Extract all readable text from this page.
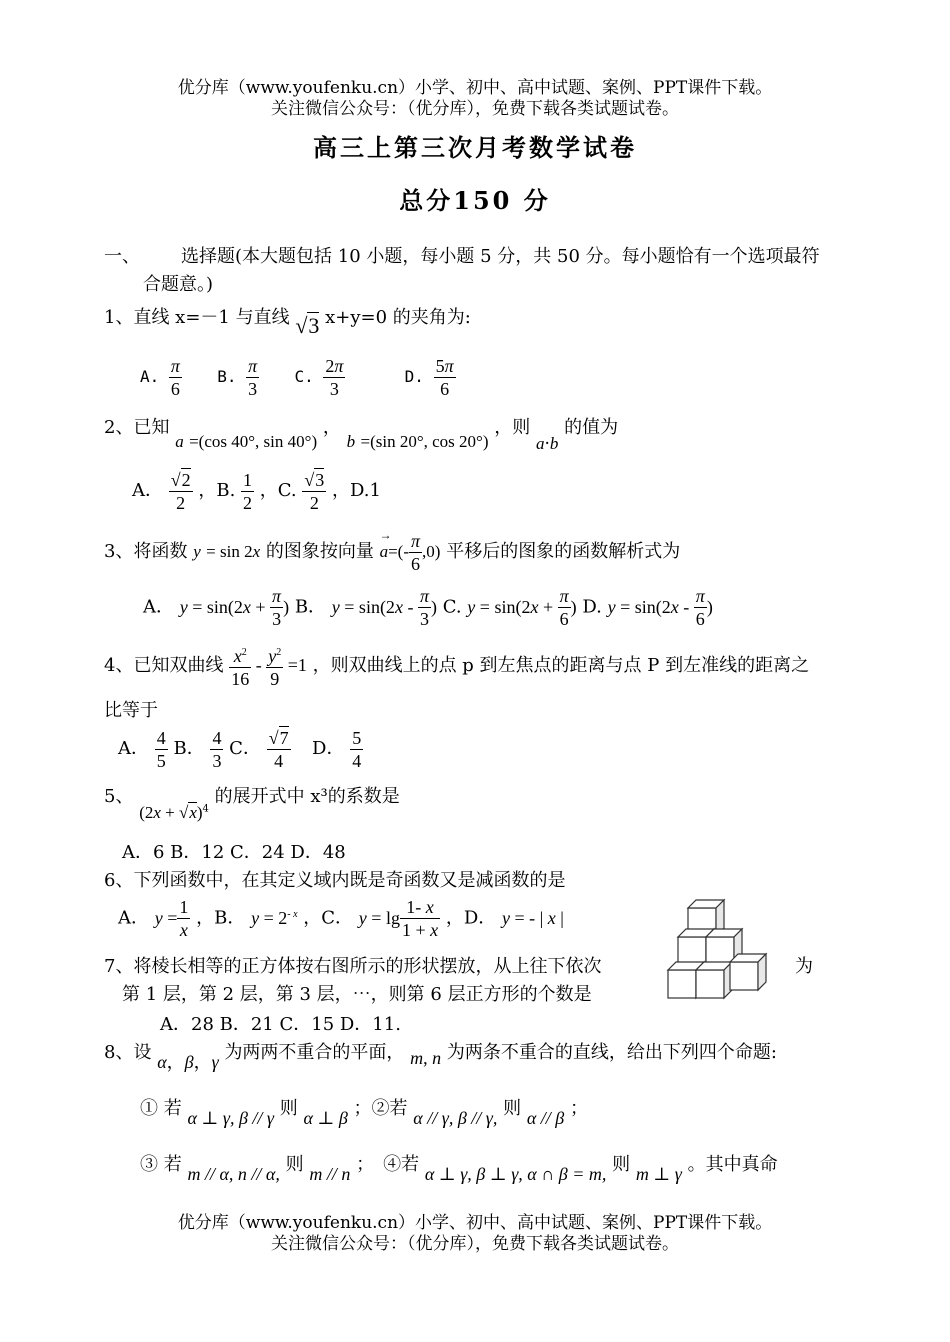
优分库（www.youfenku.cn）小学、初中、高中试题、案例、PPT课件下载。
关注微信公众号：（优分库），免费下载各类试题试卷。
高三上第三次月考数学试卷
总分150 分
一、 选择题(本大题包括 10 小题，每小题 5 分，共 50 分。每小题恰有一个选项最符
合题意。)
1、直线 x=－1 与直线 √3 x+y=0 的夹角为:
A. $\frac{\pi}{6} B$. $\frac{\pi}{3} C$. $\frac{2\pi}{3}$	D. $\frac{5\pi}{6}$
2、已知 a =(cos 40°, sin 40°) ， b =(sin 20°, cos 20°) ，则 a·b 的值为
A． $\frac{√2}{2}$ ，B. $\frac{1}{2}$ ，C. $\frac{√3}{2}$ ，D.1
3、将函数 y = sin 2x 的图象按向量
→
$a=(- \frac{\pi}{6} ,0)$ 平移后的图象的函数解析式为
A． $y = \sin(2x + \frac{\pi}{3}$ ) B． $y = \sin(2x - \frac{\pi}{3}$ ) C. $y = \sin(2x + \frac{\pi}{6}$ ) D. $y = \sin(2x - \frac{\pi}{6}$ )
4、已知双曲线 $\frac{x^2}{16} - \frac{y^2}{9} =1$ ，则双曲线上的点 p 到左焦点的距离与点 P 到左准线的距离之
比等于
A． $\frac{4}{5}$ B． $\frac{4}{3}$ C． $\frac{√7}{4}$ D． $\frac{5}{4}$
5、 $(2x + √x)^4$ 的展开式中 x³的系数是
A．6 B．12 C．24 D．48
6、下列函数中，在其定义域内既是奇函数又是减函数的是
A． $y = \frac{1}{x}$ ，B． $y = 2^{- x}$ ，C． $y = \lg \frac{1- x}{1 + x}$ ，D． y = - | x |
7、将棱长相等的正方体按右图所示的形状摆放，从上往下依次	为
第 1 层，第 2 层，第 3 层，⋯，则第 6 层正方形的个数是
A．28 B．21 C．15 D．11.
8、设 α，β，γ 为两两不重合的平面， m, n 为两条不重合的直线，给出下列四个命题:
① 若 α ⊥ γ, β // γ 则 α ⊥ β ；②若 α // γ, β // γ, 则 α // β ；
③ 若 m // α, n // α, 则 m // n ；　④若 α ⊥ γ, β ⊥ γ, α ∩ β = m, 则 m ⊥ γ 。其中真命
优分库（www.youfenku.cn）小学、初中、高中试题、案例、PPT课件下载。
关注微信公众号：（优分库），免费下载各类试题试卷。
